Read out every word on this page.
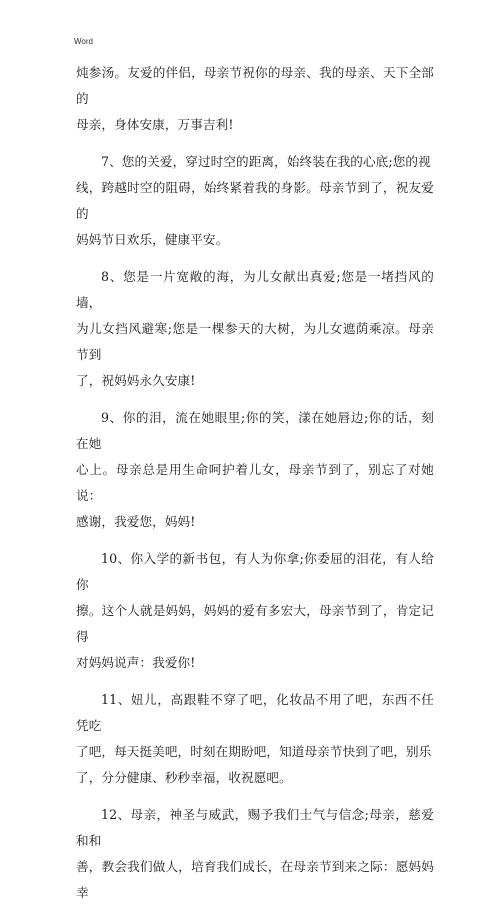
Word

炖参汤。友爱的伴侣，母亲节祝你的母亲、我的母亲、天下全部的
母亲，身体安康，万事吉利!

7、您的关爱，穿过时空的距离，始终装在我的心底;您的视
线，跨越时空的阻碍，始终紧着我的身影。母亲节到了，祝友爱的
妈妈节日欢乐，健康平安。

8、您是一片宽敞的海，为儿女献出真爱;您是一堵挡风的墙，
为儿女挡风避寒;您是一棵参天的大树，为儿女遮荫乘凉。母亲节到
了，祝妈妈永久安康!

9、你的泪，流在她眼里;你的笑，漾在她唇边;你的话，刻在她
心上。母亲总是用生命呵护着儿女，母亲节到了，别忘了对她说：
感谢，我爱您，妈妈!

10、你入学的新书包，有人为你拿;你委屈的泪花，有人给你
擦。这个人就是妈妈，妈妈的爱有多宏大，母亲节到了，肯定记得
对妈妈说声：我爱你!

11、妞儿，高跟鞋不穿了吧，化妆品不用了吧，东西不任凭吃
了吧，每天挺美吧，时刻在期盼吧，知道母亲节快到了吧，别乐
了，分分健康、秒秒幸福，收祝愿吧。

12、母亲，神圣与威武，赐予我们士气与信念;母亲，慈爱和和
善，教会我们做人，培育我们成长，在母亲节到来之际：愿妈妈幸
